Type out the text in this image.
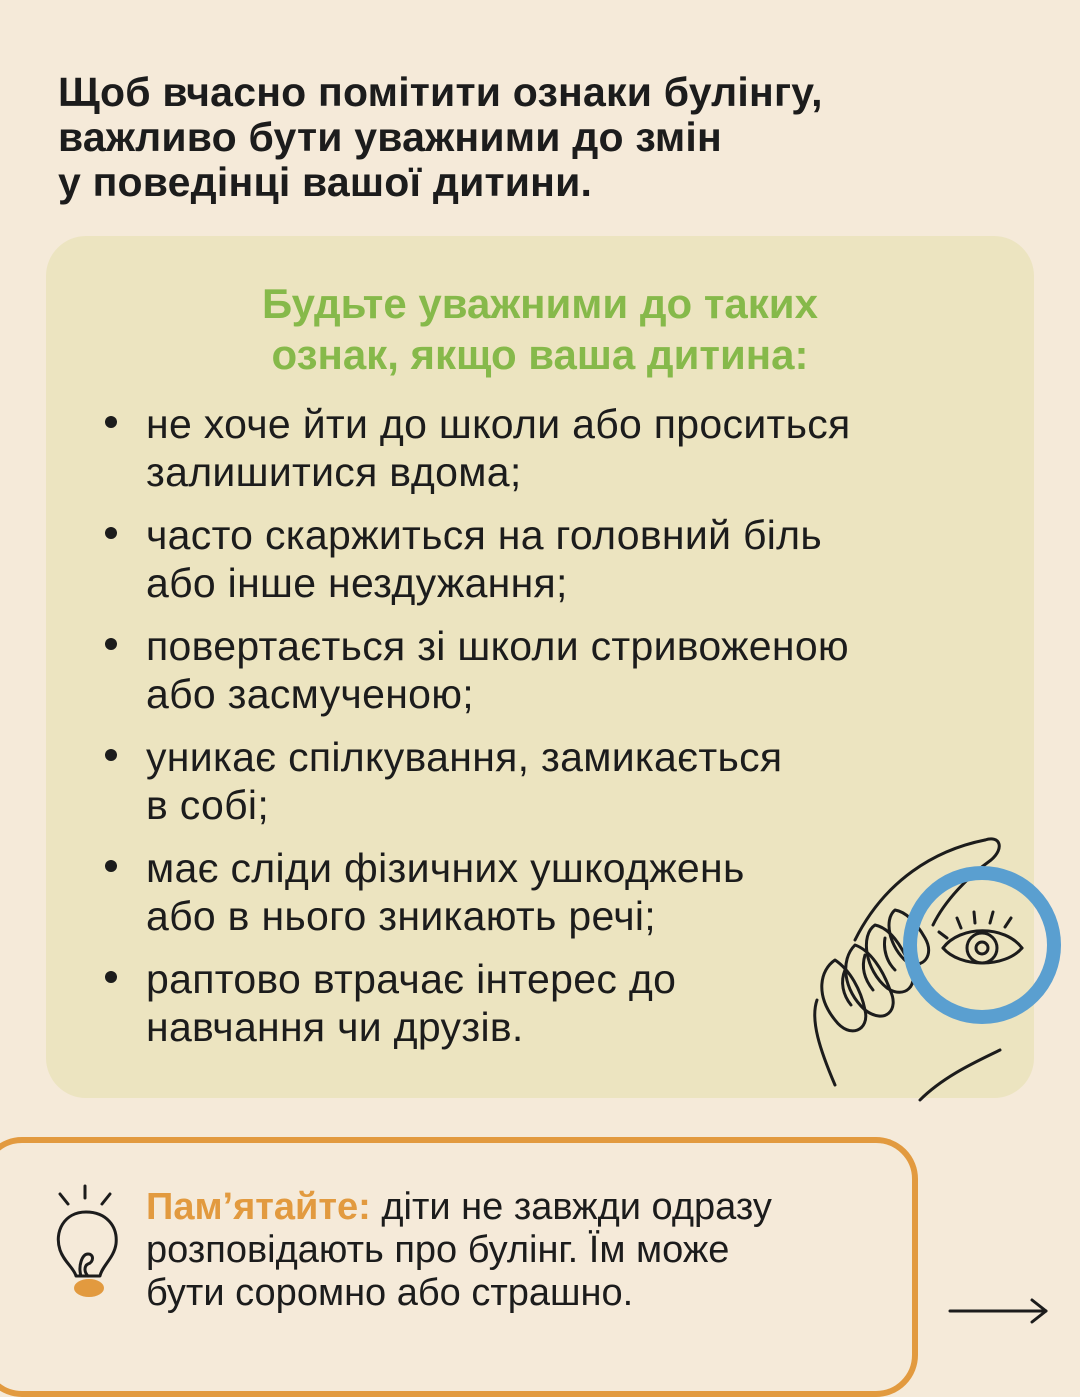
Щоб вчасно помітити ознаки булінгу,
важливо бути уважними до змін
у поведінці вашої дитини.
Будьте уважними до таких
ознак, якщо ваша дитина:
не хоче йти до школи або проситься
залишитися вдома;
часто скаржиться на головний біль
або інше нездужання;
повертається зі школи стривоженою
або засмученою;
уникає спілкування, замикається
в собі;
має сліди фізичних ушкоджень
або в нього зникають речі;
раптово втрачає інтерес до
навчання чи друзів.

Пам’ятайте: діти не завжди одразу
розповідають про булінг. Їм може
бути соромно або страшно.
